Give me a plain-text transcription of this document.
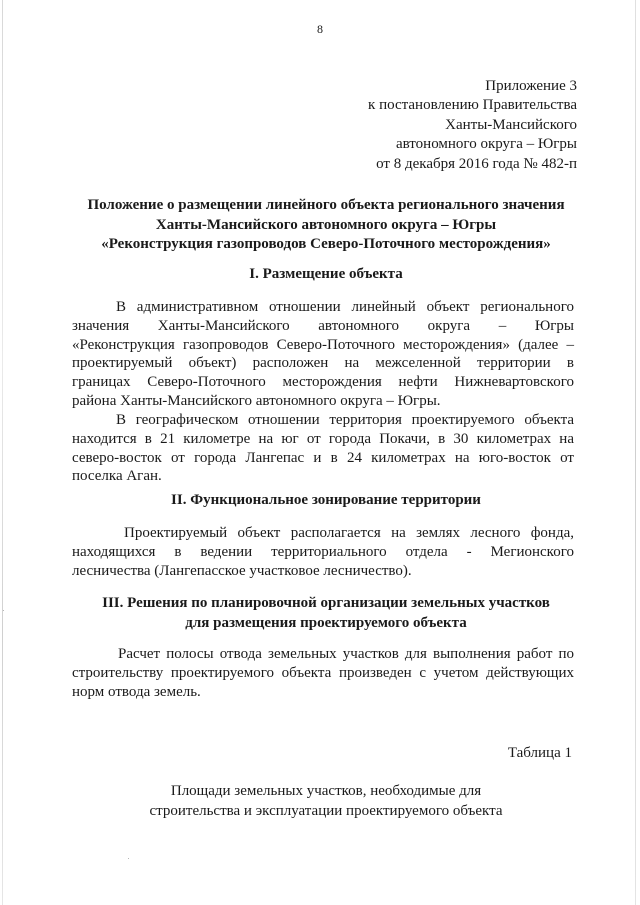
8
Приложение 3
к постановлению Правительства
Ханты-Мансийского
автономного округа – Югры
от 8 декабря 2016 года № 482-п
Положение о размещении линейного объекта регионального значения
Ханты-Мансийского автономного округа – Югры
«Реконструкция газопроводов Северо-Поточного месторождения»
I. Размещение объекта
В административном отношении линейный объект регионального
значения Ханты-Мансийского автономного округа – Югры
«Реконструкция газопроводов Северо-Поточного месторождения» (далее –
проектируемый объект) расположен на межселенной территории в
границах Северо-Поточного месторождения нефти Нижневартовского
района Ханты-Мансийского автономного округа – Югры.
В географическом отношении территория проектируемого объекта
находится в 21 километре на юг от города Покачи, в 30 километрах на
северо-восток от города Лангепас и в 24 километрах на юго-восток от
поселка Аган.
II. Функциональное зонирование территории
Проектируемый объект располагается на землях лесного фонда,
находящихся в ведении территориального отдела - Мегионского
лесничества (Лангепасское участковое лесничество).
III. Решения по планировочной организации земельных участков
для размещения проектируемого объекта
Расчет полосы отвода земельных участков для выполнения работ по
строительству проектируемого объекта произведен с учетом действующих
норм отвода земель.
Таблица 1
Площади земельных участков, необходимые для
строительства и эксплуатации проектируемого объекта
